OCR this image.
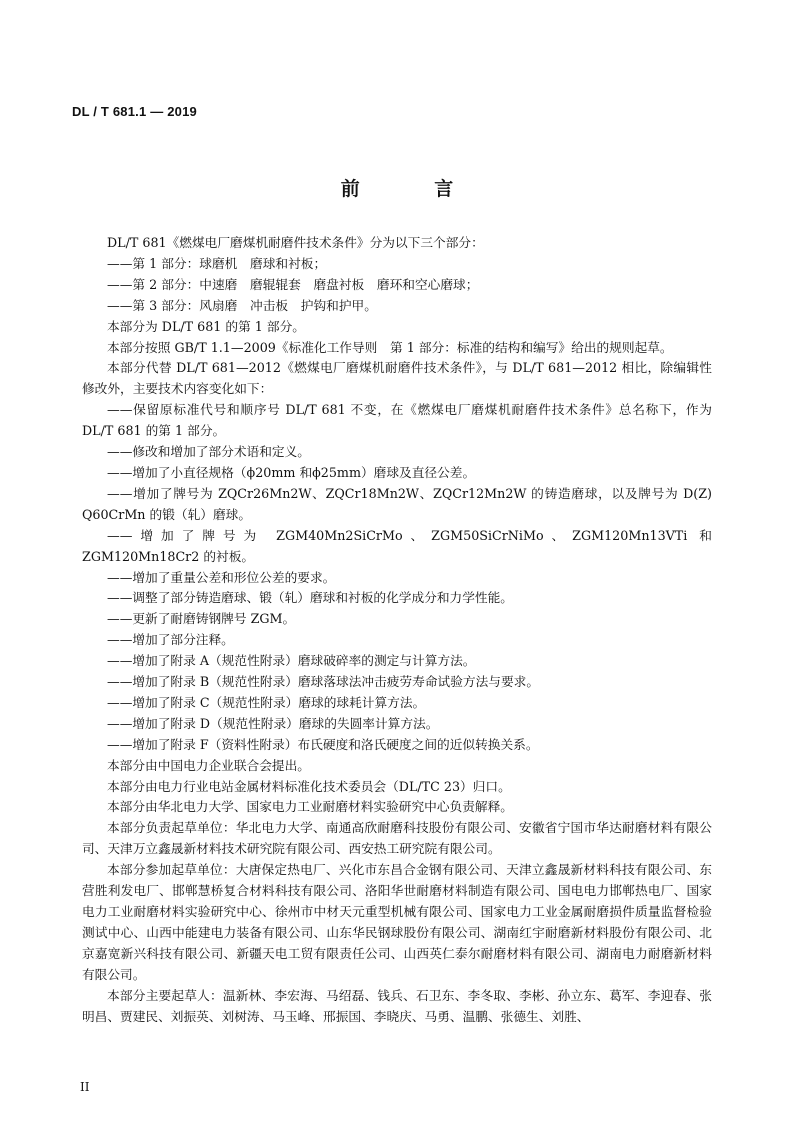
DL / T 681.1 — 2019
前 言

DL/T 681《燃煤电厂磨煤机耐磨件技术条件》分为以下三个部分：

——第 1 部分：球磨机　磨球和衬板；

——第 2 部分：中速磨　磨辊辊套　磨盘衬板　磨环和空心磨球；

——第 3 部分：风扇磨　冲击板　护钩和护甲。

本部分为 DL/T 681 的第 1 部分。

本部分按照 GB/T 1.1—2009《标准化工作导则　第 1 部分：标准的结构和编写》给出的规则起草。

本部分代替 DL/T 681—2012《燃煤电厂磨煤机耐磨件技术条件》，与 DL/T 681—2012 相比，除编辑性修改外，主要技术内容变化如下：

——保留原标准代号和顺序号 DL/T 681 不变，在《燃煤电厂磨煤机耐磨件技术条件》总名称下，作为 DL/T 681 的第 1 部分。

——修改和增加了部分术语和定义。

——增加了小直径规格（ϕ20mm 和ϕ25mm）磨球及直径公差。

——增加了牌号为 ZQCr26Mn2W、ZQCr18Mn2W、ZQCr12Mn2W 的铸造磨球，以及牌号为 D(Z) Q60CrMn 的锻（轧）磨球。

——增加了牌号为 ZGM40Mn2SiCrMo、ZGM50SiCrNiMo、ZGM120Mn13VTi 和 ZGM120Mn18Cr2 的衬板。

——增加了重量公差和形位公差的要求。

——调整了部分铸造磨球、锻（轧）磨球和衬板的化学成分和力学性能。

——更新了耐磨铸钢牌号 ZGM。

——增加了部分注释。

——增加了附录 A（规范性附录）磨球破碎率的测定与计算方法。

——增加了附录 B（规范性附录）磨球落球法冲击疲劳寿命试验方法与要求。

——增加了附录 C（规范性附录）磨球的球耗计算方法。

——增加了附录 D（规范性附录）磨球的失圆率计算方法。

——增加了附录 F（资料性附录）布氏硬度和洛氏硬度之间的近似转换关系。

本部分由中国电力企业联合会提出。

本部分由电力行业电站金属材料标准化技术委员会（DL/TC 23）归口。

本部分由华北电力大学、国家电力工业耐磨材料实验研究中心负责解释。

本部分负责起草单位：华北电力大学、南通高欣耐磨科技股份有限公司、安徽省宁国市华达耐磨材料有限公司、天津万立鑫晟新材料技术研究院有限公司、西安热工研究院有限公司。

本部分参加起草单位：大唐保定热电厂、兴化市东昌合金钢有限公司、天津立鑫晟新材料科技有限公司、东营胜利发电厂、邯郸慧桥复合材料科技有限公司、洛阳华世耐磨材料制造有限公司、国电电力邯郸热电厂、国家电力工业耐磨材料实验研究中心、徐州市中材天元重型机械有限公司、国家电力工业金属耐磨损件质量监督检验测试中心、山西中能建电力装备有限公司、山东华民钢球股份有限公司、湖南红宇耐磨新材料股份有限公司、北京嘉宽新兴科技有限公司、新疆天电工贸有限责任公司、山西英仁泰尔耐磨材料有限公司、湖南电力耐磨新材料有限公司。

本部分主要起草人：温新林、李宏海、马绍磊、钱兵、石卫东、李冬取、李彬、孙立东、葛军、李迎春、张明昌、贾建民、刘振英、刘树涛、马玉峰、邢振国、李晓庆、马勇、温鹏、张德生、刘胜、

II
